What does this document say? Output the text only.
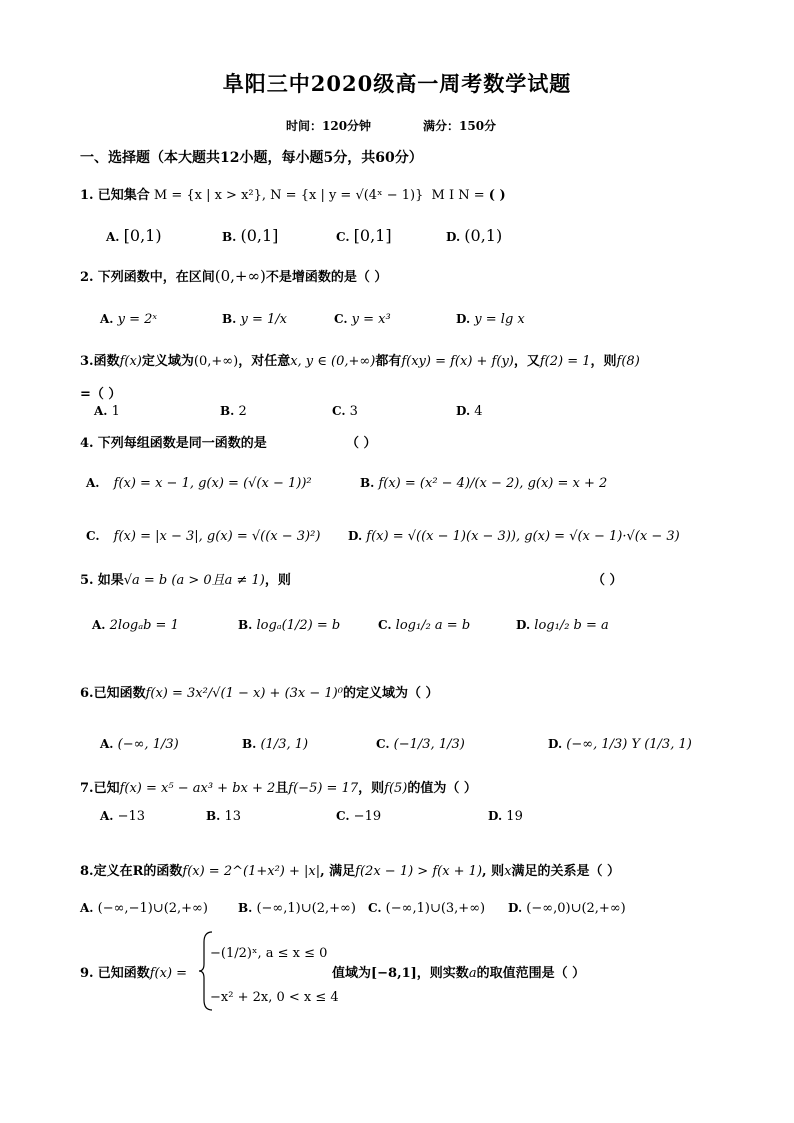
阜阳三中2020级高一周考数学试题
时间：120分钟	满分：150分
一、选择题（本大题共12小题，每小题5分，共60分）
1. 已知集合 M = {x | x > x²}, N = {x | y = √(4ˣ − 1)} M I N = ( )
A. [0,1)	B. (0,1]	C. [0,1]	D. (0,1)
2. 下列函数中，在区间(0,+∞)不是增函数的是（ ）
A. y = 2ˣ	B. y = 1/x	C. y = x³	D. y = lg x
3.函数f(x)定义域为(0,+∞)，对任意x, y ∈ (0,+∞)都有f(xy) = f(x) + f(y)，又f(2) = 1，则f(8)
=（ ）
A. 1	B. 2	C. 3	D. 4
4. 下列每组函数是同一函数的是	（ ）
A. f(x) = x − 1, g(x) = (√(x − 1))²	B. f(x) = (x² − 4)/(x − 2), g(x) = x + 2
C. f(x) = |x − 3|, g(x) = √((x − 3)²) D. f(x) = √((x − 1)(x − 3)), g(x) = √(x − 1)·√(x − 3)
5. 如果√a = b (a > 0且a ≠ 1)，则	（ ）
A. 2logₐb = 1	B. logₐ(1/2) = b	C. log₁/₂ a = b	D. log₁/₂ b = a
6.已知函数f(x) = 3x²/√(1 − x) + (3x − 1)⁰的定义域为（ ）
A. (−∞, 1/3)	B. (1/3, 1)	C. (−1/3, 1/3)	D. (−∞, 1/3) Y (1/3, 1)
7.已知f(x) = x⁵ − ax³ + bx + 2且f(−5) = 17，则f(5)的值为（ ）
A. −13	B. 13	C. −19	D. 19
8.定义在R的函数f(x) = 2^(1+x²) + |x|, 满足f(2x − 1) > f(x + 1), 则x满足的关系是（ ）
A. (−∞,−1)∪(2,+∞)	B. (−∞,1)∪(2,+∞) C. (−∞,1)∪(3,+∞) D. (−∞,0)∪(2,+∞)
9. 已知函数f(x) =
−(1/2)ˣ, a ≤ x ≤ 0
−x² + 2x, 0 < x ≤ 4
值域为[−8,1]，则实数a的取值范围是（ ）
